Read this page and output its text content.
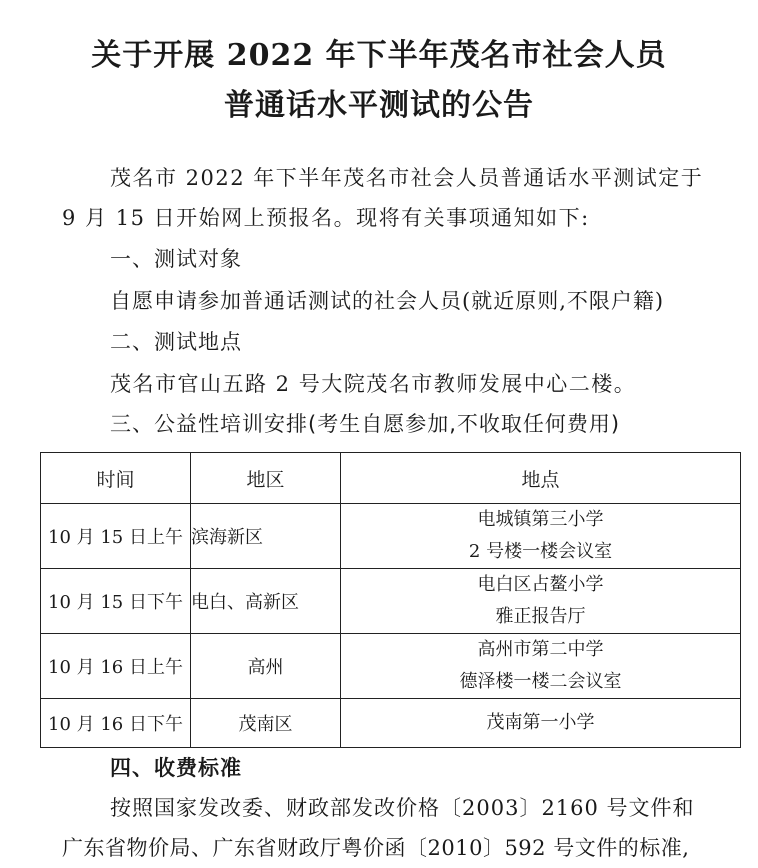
关于开展 2022 年下半年茂名市社会人员
普通话水平测试的公告
茂名市 2022 年下半年茂名市社会人员普通话水平测试定于
9 月 15 日开始网上预报名。现将有关事项通知如下:
一、测试对象
自愿申请参加普通话测试的社会人员(就近原则,不限户籍)
二、测试地点
茂名市官山五路 2 号大院茂名市教师发展中心二楼。
三、公益性培训安排(考生自愿参加,不收取任何费用)
时间	地区	地点
10 月 15 日上午	滨海新区	电城镇第三小学
2 号楼一楼会议室

10 月 15 日下午	电白、高新区	电白区占鳌小学
雅正报告厅

10 月 16 日上午	高州	高州市第二中学
德泽楼一楼二会议室

10 月 16 日下午	茂南区	茂南第一小学
四、收费标准
按照国家发改委、财政部发改价格〔2003〕2160 号文件和
广东省物价局、广东省财政厅粤价函〔2010〕592 号文件的标准,
